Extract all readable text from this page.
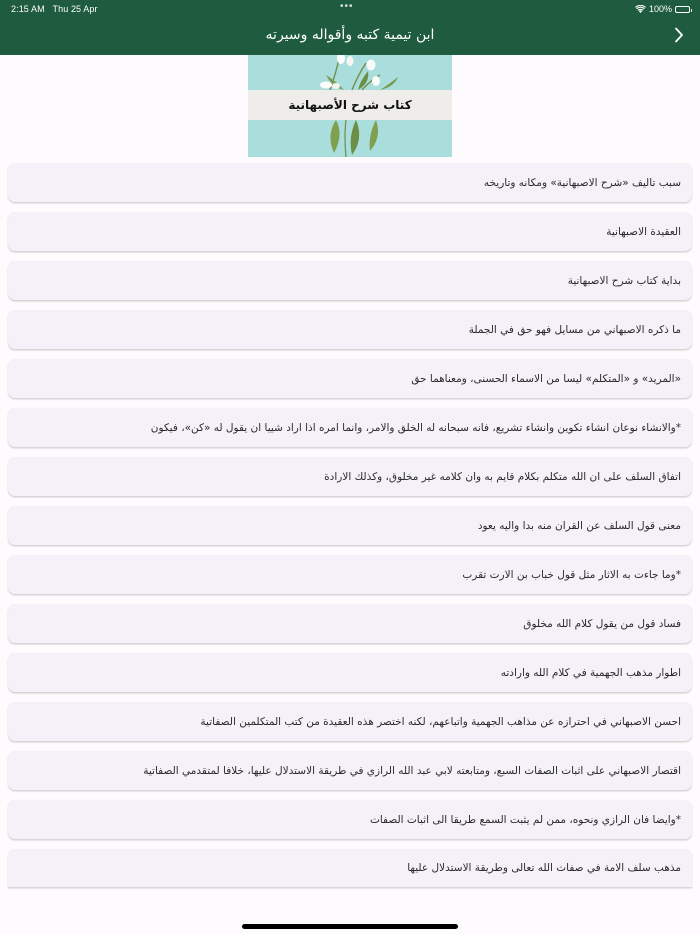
2:15 AM Thu 25 Apr	•••	100%
ابن تيمية كتبه وأقواله وسيرته
كتاب شرح الأصبهانية
سبب تاليف «شرح الاصبهانية» ومكانه وتاريخه
العقيدة الاصبهانية
بداية كتاب شرح الاصبهانية
ما ذكره الاصبهاني من مسايل فهو حق في الجملة
«المريد» و «المتكلم» ليسا من الاسماء الحسنى، ومعناهما حق
*والانشاء نوعان انشاء تكوين وانشاء تشريع، فانه سبحانه له الخلق والامر، وانما امره اذا اراد شييا ان يقول له «كن»، فيكون
اتفاق السلف على ان الله متكلم بكلام قايم به وان كلامه غير مخلوق، وكذلك الارادة
معنى قول السلف عن القران منه بدا واليه يعود
*وما جاءت به الاثار مثل قول خباب بن الارت تقرب
فساد قول من يقول كلام الله مخلوق
اطوار مذهب الجهمية في كلام الله وارادته
احسن الاصبهاني في احترازه عن مذاهب الجهمية واتباعهم، لكنه اختصر هذه العقيدة من كتب المتكلمين الصفاتية
اقتصار الاصبهاني على اثبات الصفات السبع، ومتابعته لابي عبد الله الرازي في طريقة الاستدلال عليها، خلافا لمتقدمي الصفاتية
*وايضا فان الرازي ونحوه، ممن لم يثبت السمع طريقا الى اثبات الصفات
مذهب سلف الامة في صفات الله تعالى وطريقة الاستدلال عليها
